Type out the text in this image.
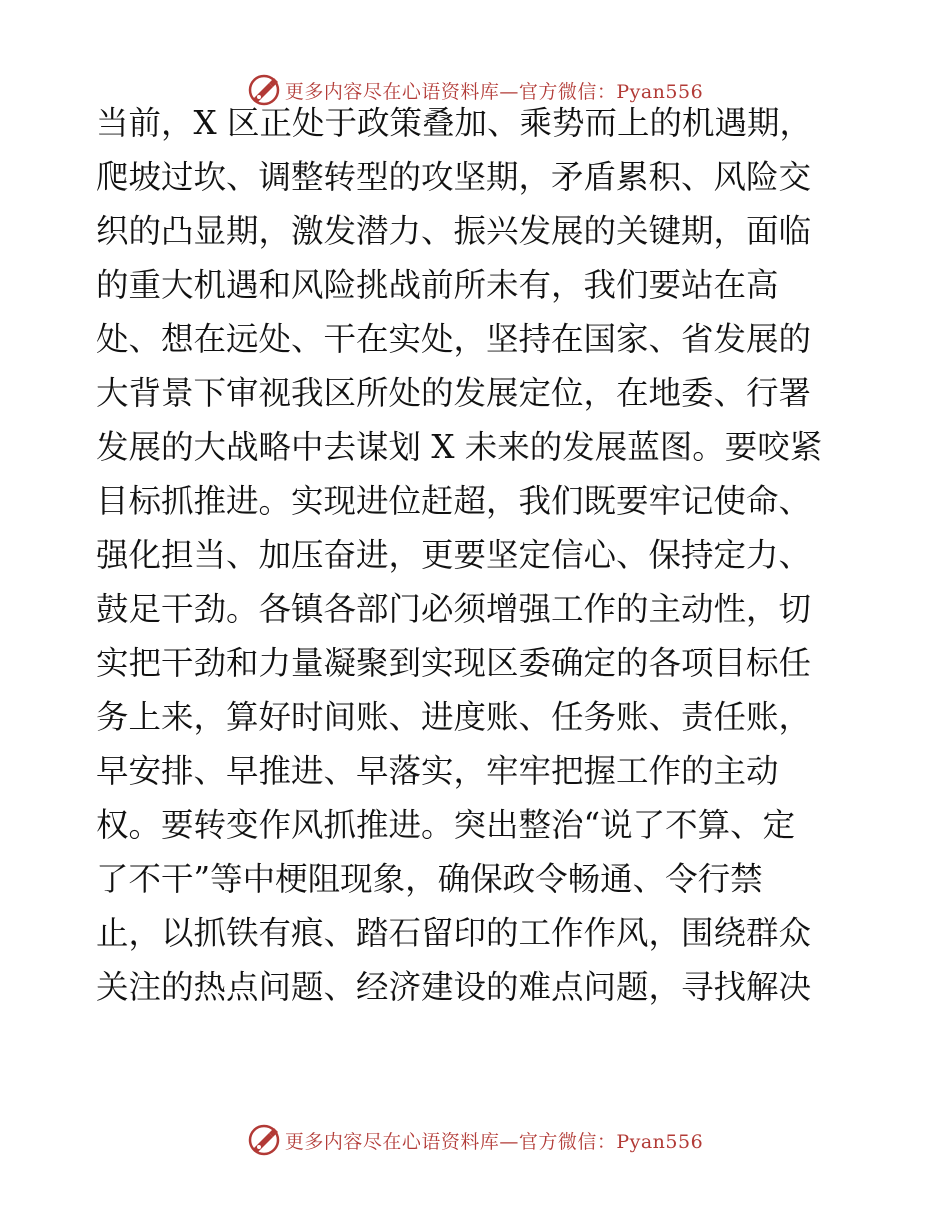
更多内容尽在心语资料库—官方微信：Pyan556
当前，X 区正处于政策叠加、乘势而上的机遇期，
爬坡过坎、调整转型的攻坚期，矛盾累积、风险交
织的凸显期，激发潜力、振兴发展的关键期，面临
的重大机遇和风险挑战前所未有，我们要站在高
处、想在远处、干在实处，坚持在国家、省发展的
大背景下审视我区所处的发展定位，在地委、行署
发展的大战略中去谋划 X 未来的发展蓝图。要咬紧
目标抓推进。实现进位赶超，我们既要牢记使命、
强化担当、加压奋进，更要坚定信心、保持定力、
鼓足干劲。各镇各部门必须增强工作的主动性，切
实把干劲和力量凝聚到实现区委确定的各项目标任
务上来，算好时间账、进度账、任务账、责任账，
早安排、早推进、早落实，牢牢把握工作的主动
权。要转变作风抓推进。突出整治“说了不算、定
了不干”等中梗阻现象，确保政令畅通、令行禁
止，以抓铁有痕、踏石留印的工作作风，围绕群众
关注的热点问题、经济建设的难点问题，寻找解决
更多内容尽在心语资料库—官方微信：Pyan556
